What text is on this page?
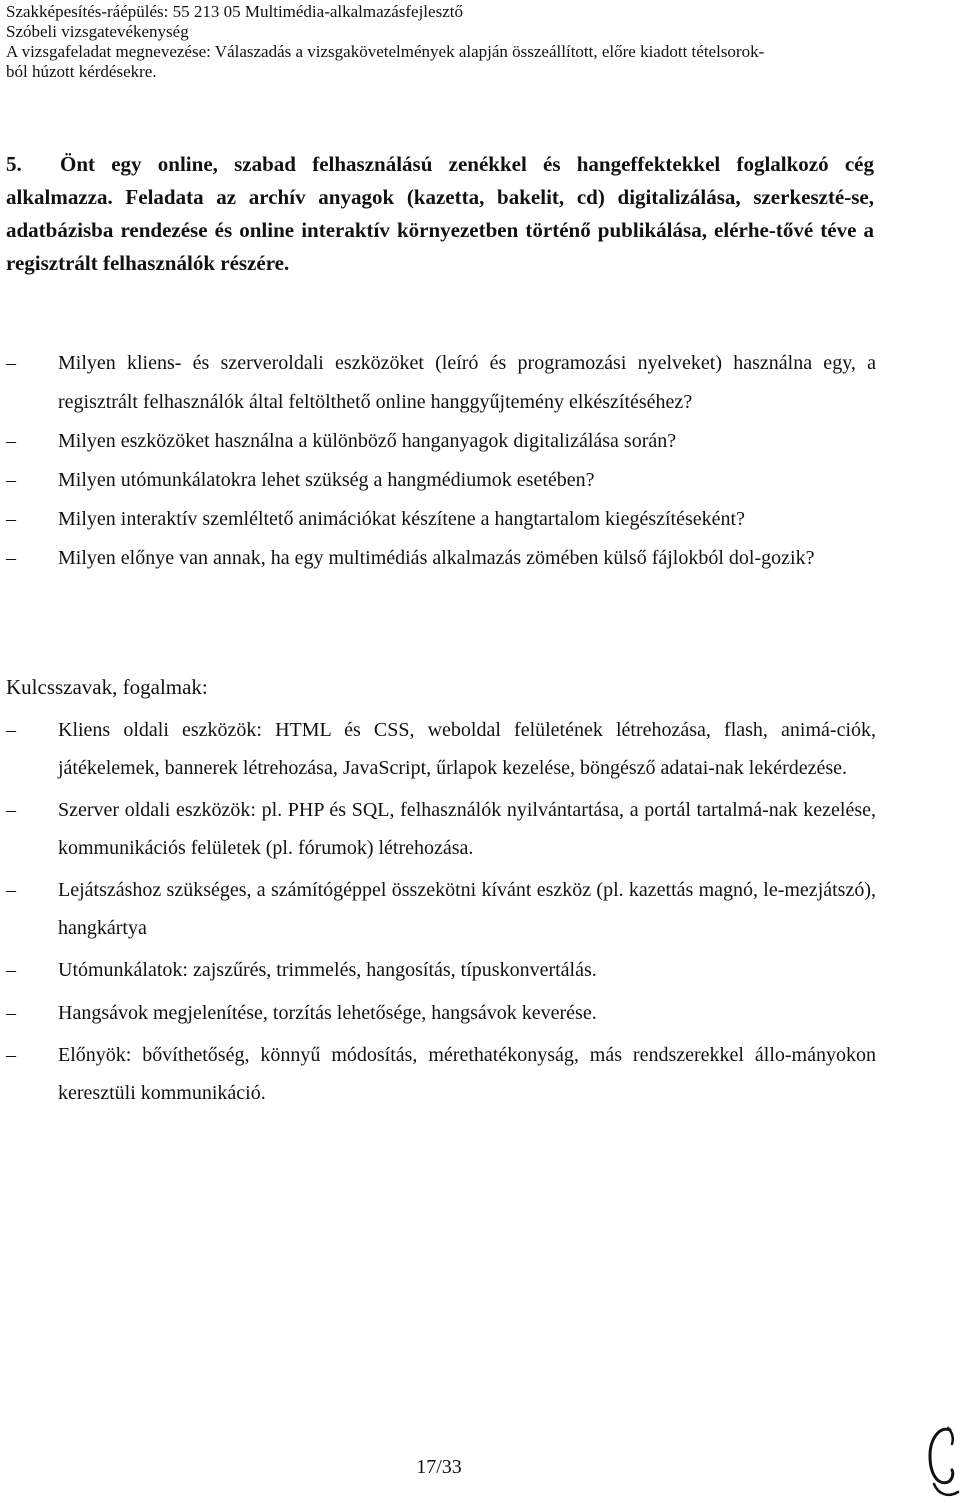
Szakképesítés-ráépülés: 55 213 05 Multimédia-alkalmazásfejlesztő
Szóbeli vizsgatevékenység
A vizsgafeladat megnevezése: Válaszadás a vizsgakövetelmények alapján összeállított, előre kiadott tételsorok-
ból húzott kérdésekre.
5. Önt egy online, szabad felhasználású zenékkel és hangeffektekkel foglalkozó cég alkalmazza. Feladata az archív anyagok (kazetta, bakelit, cd) digitalizálása, szerkeszté-se, adatbázisba rendezése és online interaktív környezetben történő publikálása, elérhe-tővé téve a regisztrált felhasználók részére.
–	Milyen kliens- és szerveroldali eszközöket (leíró és programozási nyelveket) használna egy, a regisztrált felhasználók által feltölthető online hanggyűjtemény elkészítéséhez?
–	Milyen eszközöket használna a különböző hanganyagok digitalizálása során?
–	Milyen utómunkálatokra lehet szükség a hangmédiumok esetében?
–	Milyen interaktív szemléltető animációkat készítene a hangtartalom kiegészítéseként?
–	Milyen előnye van annak, ha egy multimédiás alkalmazás zömében külső fájlokból dol-gozik?
Kulcsszavak, fogalmak:
–	Kliens oldali eszközök: HTML és CSS, weboldal felületének létrehozása, flash, animá-ciók, játékelemek, bannerek létrehozása, JavaScript, űrlapok kezelése, böngésző adatai-nak lekérdezése.
–	Szerver oldali eszközök: pl. PHP és SQL, felhasználók nyilvántartása, a portál tartalmá-nak kezelése, kommunikációs felületek (pl. fórumok) létrehozása.
–	Lejátszáshoz szükséges, a számítógéppel összekötni kívánt eszköz (pl. kazettás magnó, le-mezjátszó), hangkártya
–	Utómunkálatok: zajszűrés, trimmelés, hangosítás, típuskonvertálás.
–	Hangsávok megjelenítése, torzítás lehetősége, hangsávok keverése.
–	Előnyök: bővíthetőség, könnyű módosítás, mérethatékonyság, más rendszerekkel állo-mányokon keresztüli kommunikáció.
17/33
